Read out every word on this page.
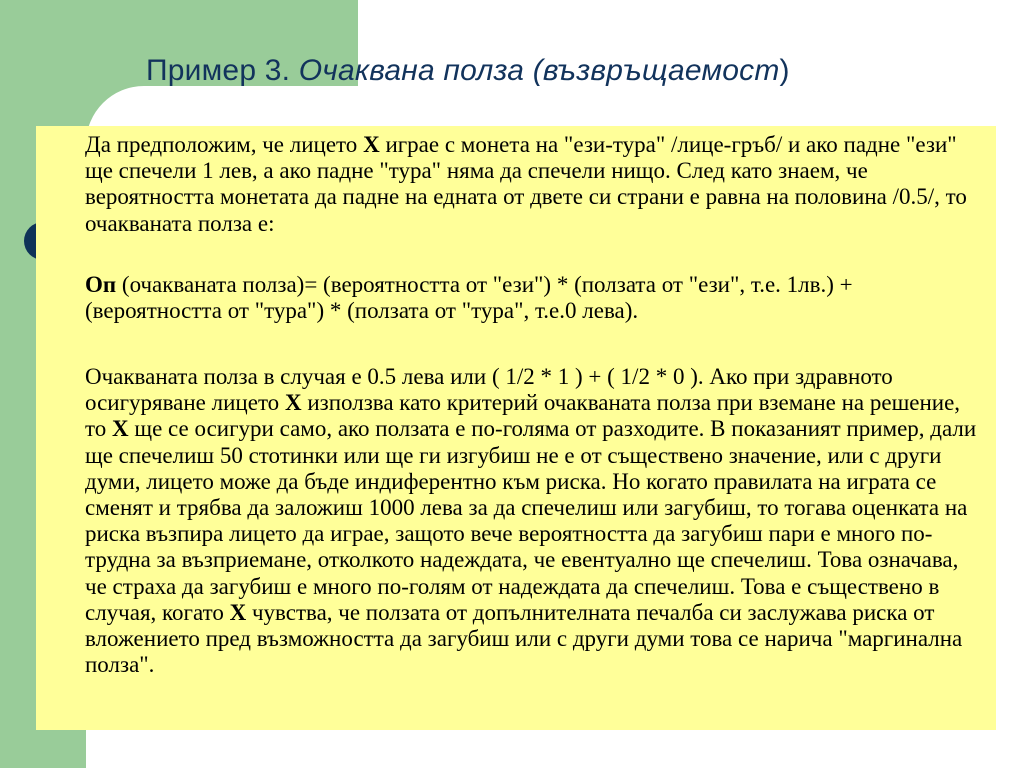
Пример 3. Очаквана полза (възвръщаемост)

Да предположим, че лицето X играе с монета на "ези-тура" /лице-гръб/ и ако падне "ези" ще спечели 1 лев, а ако падне "тура" няма да спечели нищо. След като знаем, че вероятността монетата да падне на едната от двете си страни е равна на половина /0.5/, то очакваната полза е:

Оп (очакваната полза)= (вероятността от "ези") * (ползата от "ези", т.е. 1лв.) + (вероятността от "тура") * (ползата от "тура", т.е.0 лева).

Очакваната полза в случая е 0.5 лева или ( 1/2 * 1 ) + ( 1/2 * 0 ). Ако при здравното осигуряване лицето X използва като критерий очакваната полза при вземане на решение, то X ще се осигури само, ако ползата е по-голяма от разходите. В показаният пример, дали ще спечелиш 50 стотинки или ще ги изгубиш не е от съществено значение, или с други думи, лицето може да бъде индиферентно към риска. Но когато правилата на играта се сменят и трябва да заложиш 1000 лева за да спечелиш или загубиш, то тогава оценката на риска възпира лицето да играе, защото вече вероятността да загубиш пари е много по-трудна за възприемане, отколкото надеждата, че евентуално ще спечелиш. Това означава, че страха да загубиш е много по-голям от надеждата да спечелиш. Това е съществено в случая, когато X чувства, че ползата от допълнителната печалба си заслужава риска от вложението пред възможността да загубиш или с други думи това се нарича "маргинална полза".
